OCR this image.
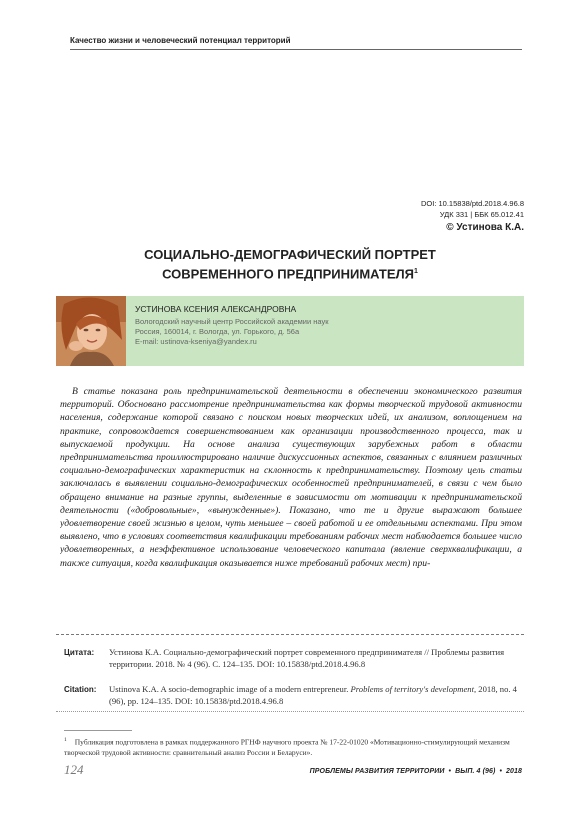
Качество жизни и человеческий потенциал территорий
DOI: 10.15838/ptd.2018.4.96.8
УДК 331 | ББК 65.012.41
© Устинова К.А.
СОЦИАЛЬНО-ДЕМОГРАФИЧЕСКИЙ ПОРТРЕТ
СОВРЕМЕННОГО ПРЕДПРИНИМАТЕЛЯ$^1$
УСТИНОВА КСЕНИЯ АЛЕКСАНДРОВНА
Вологодский научный центр Российской академии наук
Россия, 160014, г. Вологда, ул. Горького, д. 56а
E-mail: ustinova-kseniya@yandex.ru

В статье показана роль предпринимательской деятельности в обеспечении экономического развития территорий. Обосновано рассмотрение предпринимательства как формы творческой трудовой активности населения, содержание которой связано с поиском новых творческих идей, их анализом, воплощением на практике, сопровождается совершенствованием как организации производственного процесса, так и выпускаемой продукции. На основе анализа существующих зарубежных работ в области предпринимательства проиллюстрировано наличие дискуссионных аспектов, связанных с влиянием различных социально-демографических характеристик на склонность к предпринимательству. Поэтому цель статьи заключалась в выявлении социально-демографических особенностей предпринимателей, в связи с чем было обращено внимание на разные группы, выделенные в зависимости от мотивации к предпринимательской деятельности («добровольные», «вынужденные»). Показано, что те и другие выражают большее удовлетворение своей жизнью в целом, чуть меньшее – своей работой и ее отдельными аспектами. При этом выявлено, что в условиях соответствия квалификации требованиям рабочих мест наблюдается большее число удовлетворенных, а неэффективное использование человеческого капитала (явление сверхквалификации, а также ситуация, когда квалификация оказывается ниже требований рабочих мест) при-

Цитата: Устинова К.А. Социально-демографический портрет современного предпринимателя // Проблемы развития территории. 2018. № 4 (96). С. 124–135. DOI: 10.15838/ptd.2018.4.96.8
Citation: Ustinova K.A. A socio-demographic image of a modern entrepreneur. Problems of territory's development, 2018, no. 4 (96), pp. 124–135. DOI: 10.15838/ptd.2018.4.96.8
$^1$ Публикация подготовлена в рамках поддержанного РГНФ научного проекта № 17-22-01020 «Мотивационно-стимулирующий механизм творческой трудовой активности: сравнительный анализ России и Беларуси».
124	ПРОБЛЕМЫ РАЗВИТИЯ ТЕРРИТОРИИ • ВЫП. 4 (96) • 2018
